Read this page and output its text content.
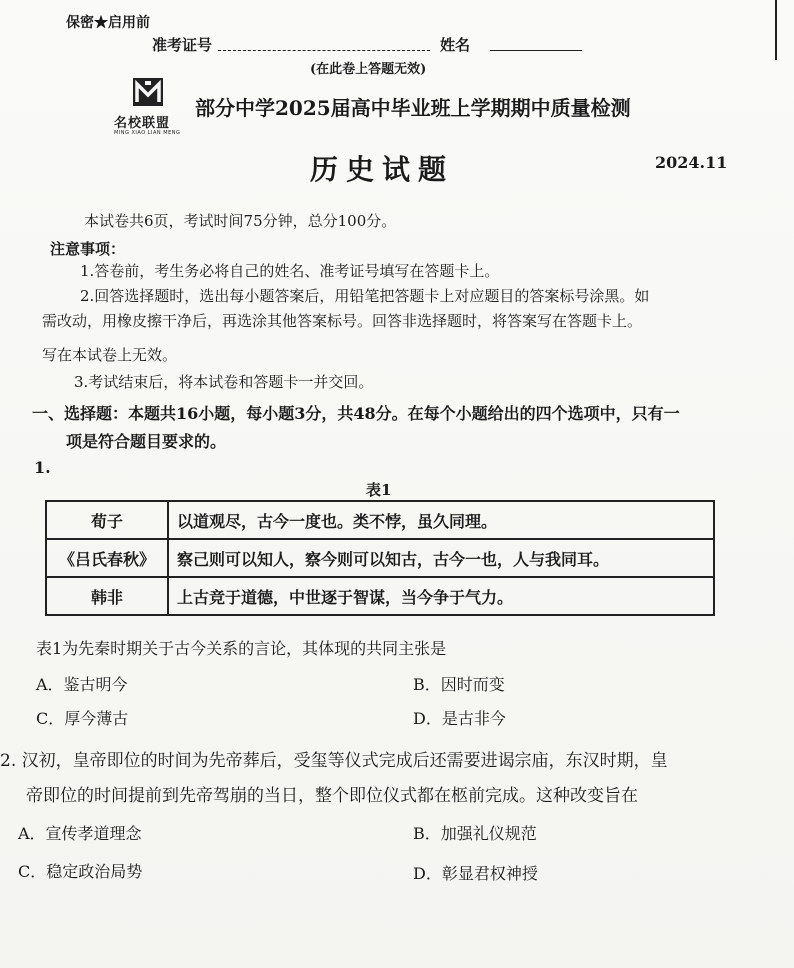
保密★启用前
准考证号	姓名
(在此卷上答题无效)
名校联盟
MING XIAO LIAN MENG
部分中学2025届高中毕业班上学期期中质量检测
历史试题	2024.11
本试卷共6页，考试时间75分钟，总分100分。
注意事项：
1.答卷前，考生务必将自己的姓名、准考证号填写在答题卡上。
2.回答选择题时，选出每小题答案后，用铅笔把答题卡上对应题目的答案标号涂黑。如
需改动，用橡皮擦干净后，再选涂其他答案标号。回答非选择题时，将答案写在答题卡上。
写在本试卷上无效。
3.考试结束后，将本试卷和答题卡一并交回。
一、选择题：本题共16小题，每小题3分，共48分。在每个小题给出的四个选项中，只有一
项是符合题目要求的。
1.
表1
荀子	以道观尽，古今一度也。类不悖，虽久同理。
《吕氏春秋》	察己则可以知人，察今则可以知古，古今一也，人与我同耳。
韩非	上古竞于道德，中世逐于智谋，当今争于气力。
表1为先秦时期关于古今关系的言论，其体现的共同主张是
A．鉴古明今	B．因时而变
C．厚今薄古	D．是古非今
2. 汉初，皇帝即位的时间为先帝葬后，受玺等仪式完成后还需要进谒宗庙，东汉时期，皇
帝即位的时间提前到先帝驾崩的当日，整个即位仪式都在柩前完成。这种改变旨在
A．宣传孝道理念	B．加强礼仪规范
C．稳定政治局势	D．彰显君权神授
